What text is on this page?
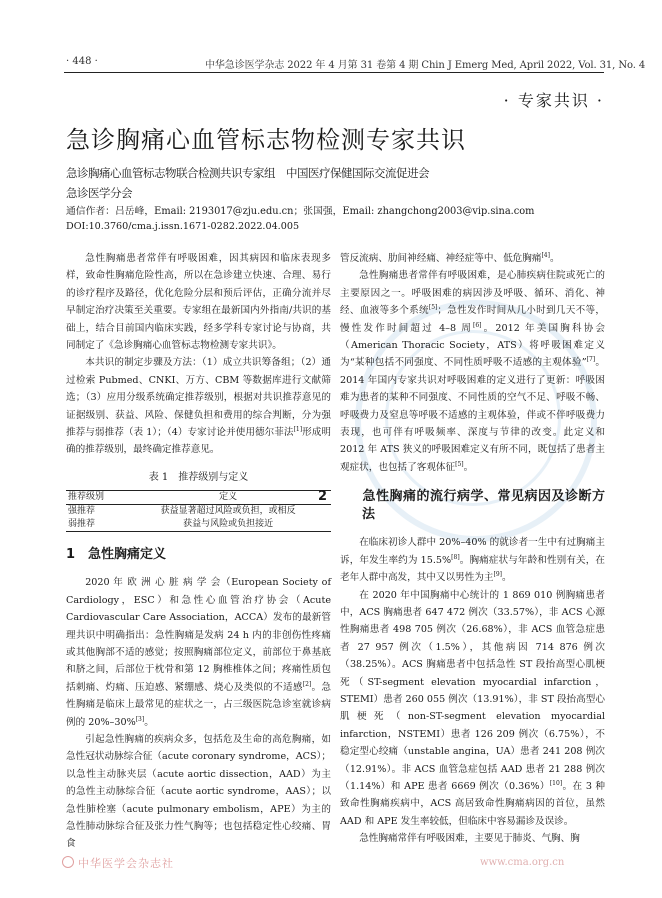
· 448 ·	中华急诊医学杂志 2022 年 4 月第 31 卷第 4 期 Chin J Emerg Med, April 2022, Vol. 31, No. 4
· 专家共识 ·
急诊胸痛心血管标志物检测专家共识
急诊胸痛心血管标志物联合检测共识专家组　中国医疗保健国际交流促进会
急诊医学分会
通信作者：吕岳峰，Email: 2193017@zju.edu.cn；张国强，Email: zhangchong2003@vip.sina.com
DOI:10.3760/cma.j.issn.1671-0282.2022.04.005

急性胸痛患者常伴有呼吸困难，因其病因和临床表现多样，致命性胸痛危险性高，所以在急诊建立快速、合理、易行的诊疗程序及路径，优化危险分层和预后评估，正确分流并尽早制定治疗决策至关重要。专家组在最新国内外指南/共识的基础上，结合目前国内临床实践，经多学科专家讨论与协商，共同制定了《急诊胸痛心血管标志物检测专家共识》。

本共识的制定步骤及方法：（1）成立共识筹备组；（2）通过检索 Pubmed、CNKI、万方、CBM 等数据库进行文献筛选；（3）应用分级系统确定推荐级别，根据对共识推荐意见的证据级别、获益、风险、保健负担和费用的综合判断，分为强推荐与弱推荐（表 1）；（4）专家讨论并使用德尔菲法[1]形成明确的推荐级别，最终确定推荐意见。

表 1　推荐级别与定义
推荐级别	定义
强推荐	获益显著超过风险或负担，或相反
弱推荐	获益与风险或负担接近
1 急性胸痛定义

2020 年 欧 洲 心 脏 病 学 会（European Society of Cardiology，ESC）和急性心血管治疗协会（Acute Cardiovascular Care Association，ACCA）发布的最新管理共识中明确指出：急性胸痛是发病 24 h 内的非创伤性疼痛或其他胸部不适的感觉；按照胸痛部位定义，前部位于鼻基底和脐之间，后部位于枕骨和第 12 胸椎椎体之间；疼痛性质包括刺痛、灼痛、压迫感、紧绷感、烧心及类似的不适感[2]。急性胸痛是临床上最常见的症状之一，占三级医院急诊室就诊病例的 20%–30%[3]。

引起急性胸痛的疾病众多，包括危及生命的高危胸痛，如急性冠状动脉综合征（acute coronary syndrome，ACS）；以急性主动脉夹层（acute aortic dissection，AAD）为主的急性主动脉综合征（acute aortic syndrome，AAS）；以急性肺栓塞（acute pulmonary embolism，APE）为主的急性肺动脉综合征及张力性气胸等；也包括稳定性心绞痛、胃食

管反流病、肋间神经痛、神经症等中、低危胸痛[4]。

急性胸痛患者常伴有呼吸困难，是心肺疾病住院或死亡的主要原因之一。呼吸困难的病因涉及呼吸、循环、消化、神经、血液等多个系统[5]；急性发作时间从几小时到几天不等，慢性发作时间超过 4–8 周[6]。2012 年美国胸科协会（American Thoracic Society，ATS）将呼吸困难定义为“某种包括不同强度、不同性质呼吸不适感的主观体验”[7]。2014 年国内专家共识对呼吸困难的定义进行了更新：呼吸困难为患者的某种不同强度、不同性质的空气不足、呼吸不畅、呼吸费力及窒息等呼吸不适感的主观体验，伴或不伴呼吸费力表现，也可伴有呼吸频率、深度与节律的改变。此定义和 2012 年 ATS 狭义的呼吸困难定义有所不同，既包括了患者主观症状，也包括了客观体征[5]。

2	急性胸痛的流行病学、常见病因及诊断方法

在临床初诊人群中 20%–40% 的就诊者一生中有过胸痛主诉，年发生率约为 15.5%[8]。胸痛症状与年龄和性别有关，在老年人群中高发，其中又以男性为主[9]。

在 2020 年中国胸痛中心统计的 1 869 010 例胸痛患者中，ACS 胸痛患者 647 472 例次（33.57%），非 ACS 心源性胸痛患者 498 705 例次（26.68%），非 ACS 血管急症患者 27 957 例次（1.5%），其他病因 714 876 例次（38.25%）。ACS 胸痛患者中包括急性 ST 段抬高型心肌梗死（ST-segment elevation myocardial infarction，STEMI）患者 260 055 例次（13.91%），非 ST 段抬高型心肌梗死（non-ST-segment elevation myocardial infarction，NSTEMI）患者 126 209 例次（6.75%），不稳定型心绞痛（unstable angina，UA）患者 241 208 例次（12.91%）。非 ACS 血管急症包括 AAD 患者 21 288 例次（1.14%）和 APE 患者 6669 例次（0.36%）[10]。在 3 种致命性胸痛疾病中，ACS 高居致命性胸痛病因的首位，虽然 AAD 和 APE 发生率较低，但临床中容易漏诊及误诊。

急性胸痛常伴有呼吸困难，主要见于肺炎、气胸、胸

中华医学会杂志社	www.cma.org.cn
